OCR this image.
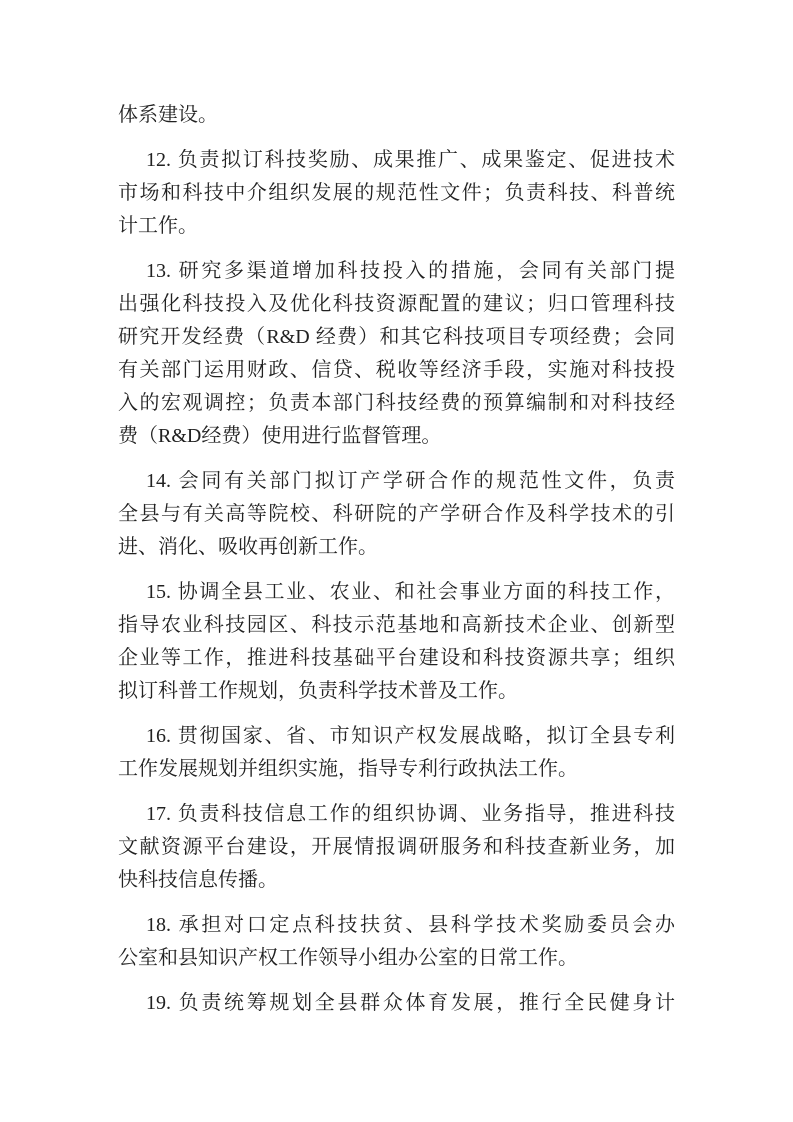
体系建设。
12. 负责拟订科技奖励、成果推广、成果鉴定、促进技术
市场和科技中介组织发展的规范性文件；负责科技、科普统
计工作。
13. 研究多渠道增加科技投入的措施，会同有关部门提
出强化科技投入及优化科技资源配置的建议；归口管理科技
研究开发经费（R&D 经费）和其它科技项目专项经费；会同
有关部门运用财政、信贷、税收等经济手段，实施对科技投
入的宏观调控；负责本部门科技经费的预算编制和对科技经
费（R&D经费）使用进行监督管理。
14. 会同有关部门拟订产学研合作的规范性文件，负责
全县与有关高等院校、科研院的产学研合作及科学技术的引
进、消化、吸收再创新工作。
15. 协调全县工业、农业、和社会事业方面的科技工作，
指导农业科技园区、科技示范基地和高新技术企业、创新型
企业等工作，推进科技基础平台建设和科技资源共享；组织
拟订科普工作规划，负责科学技术普及工作。
16. 贯彻国家、省、市知识产权发展战略，拟订全县专利
工作发展规划并组织实施，指导专利行政执法工作。
17. 负责科技信息工作的组织协调、业务指导，推进科技
文献资源平台建设，开展情报调研服务和科技查新业务，加
快科技信息传播。
18. 承担对口定点科技扶贫、县科学技术奖励委员会办
公室和县知识产权工作领导小组办公室的日常工作。
19. 负责统筹规划全县群众体育发展，推行全民健身计
